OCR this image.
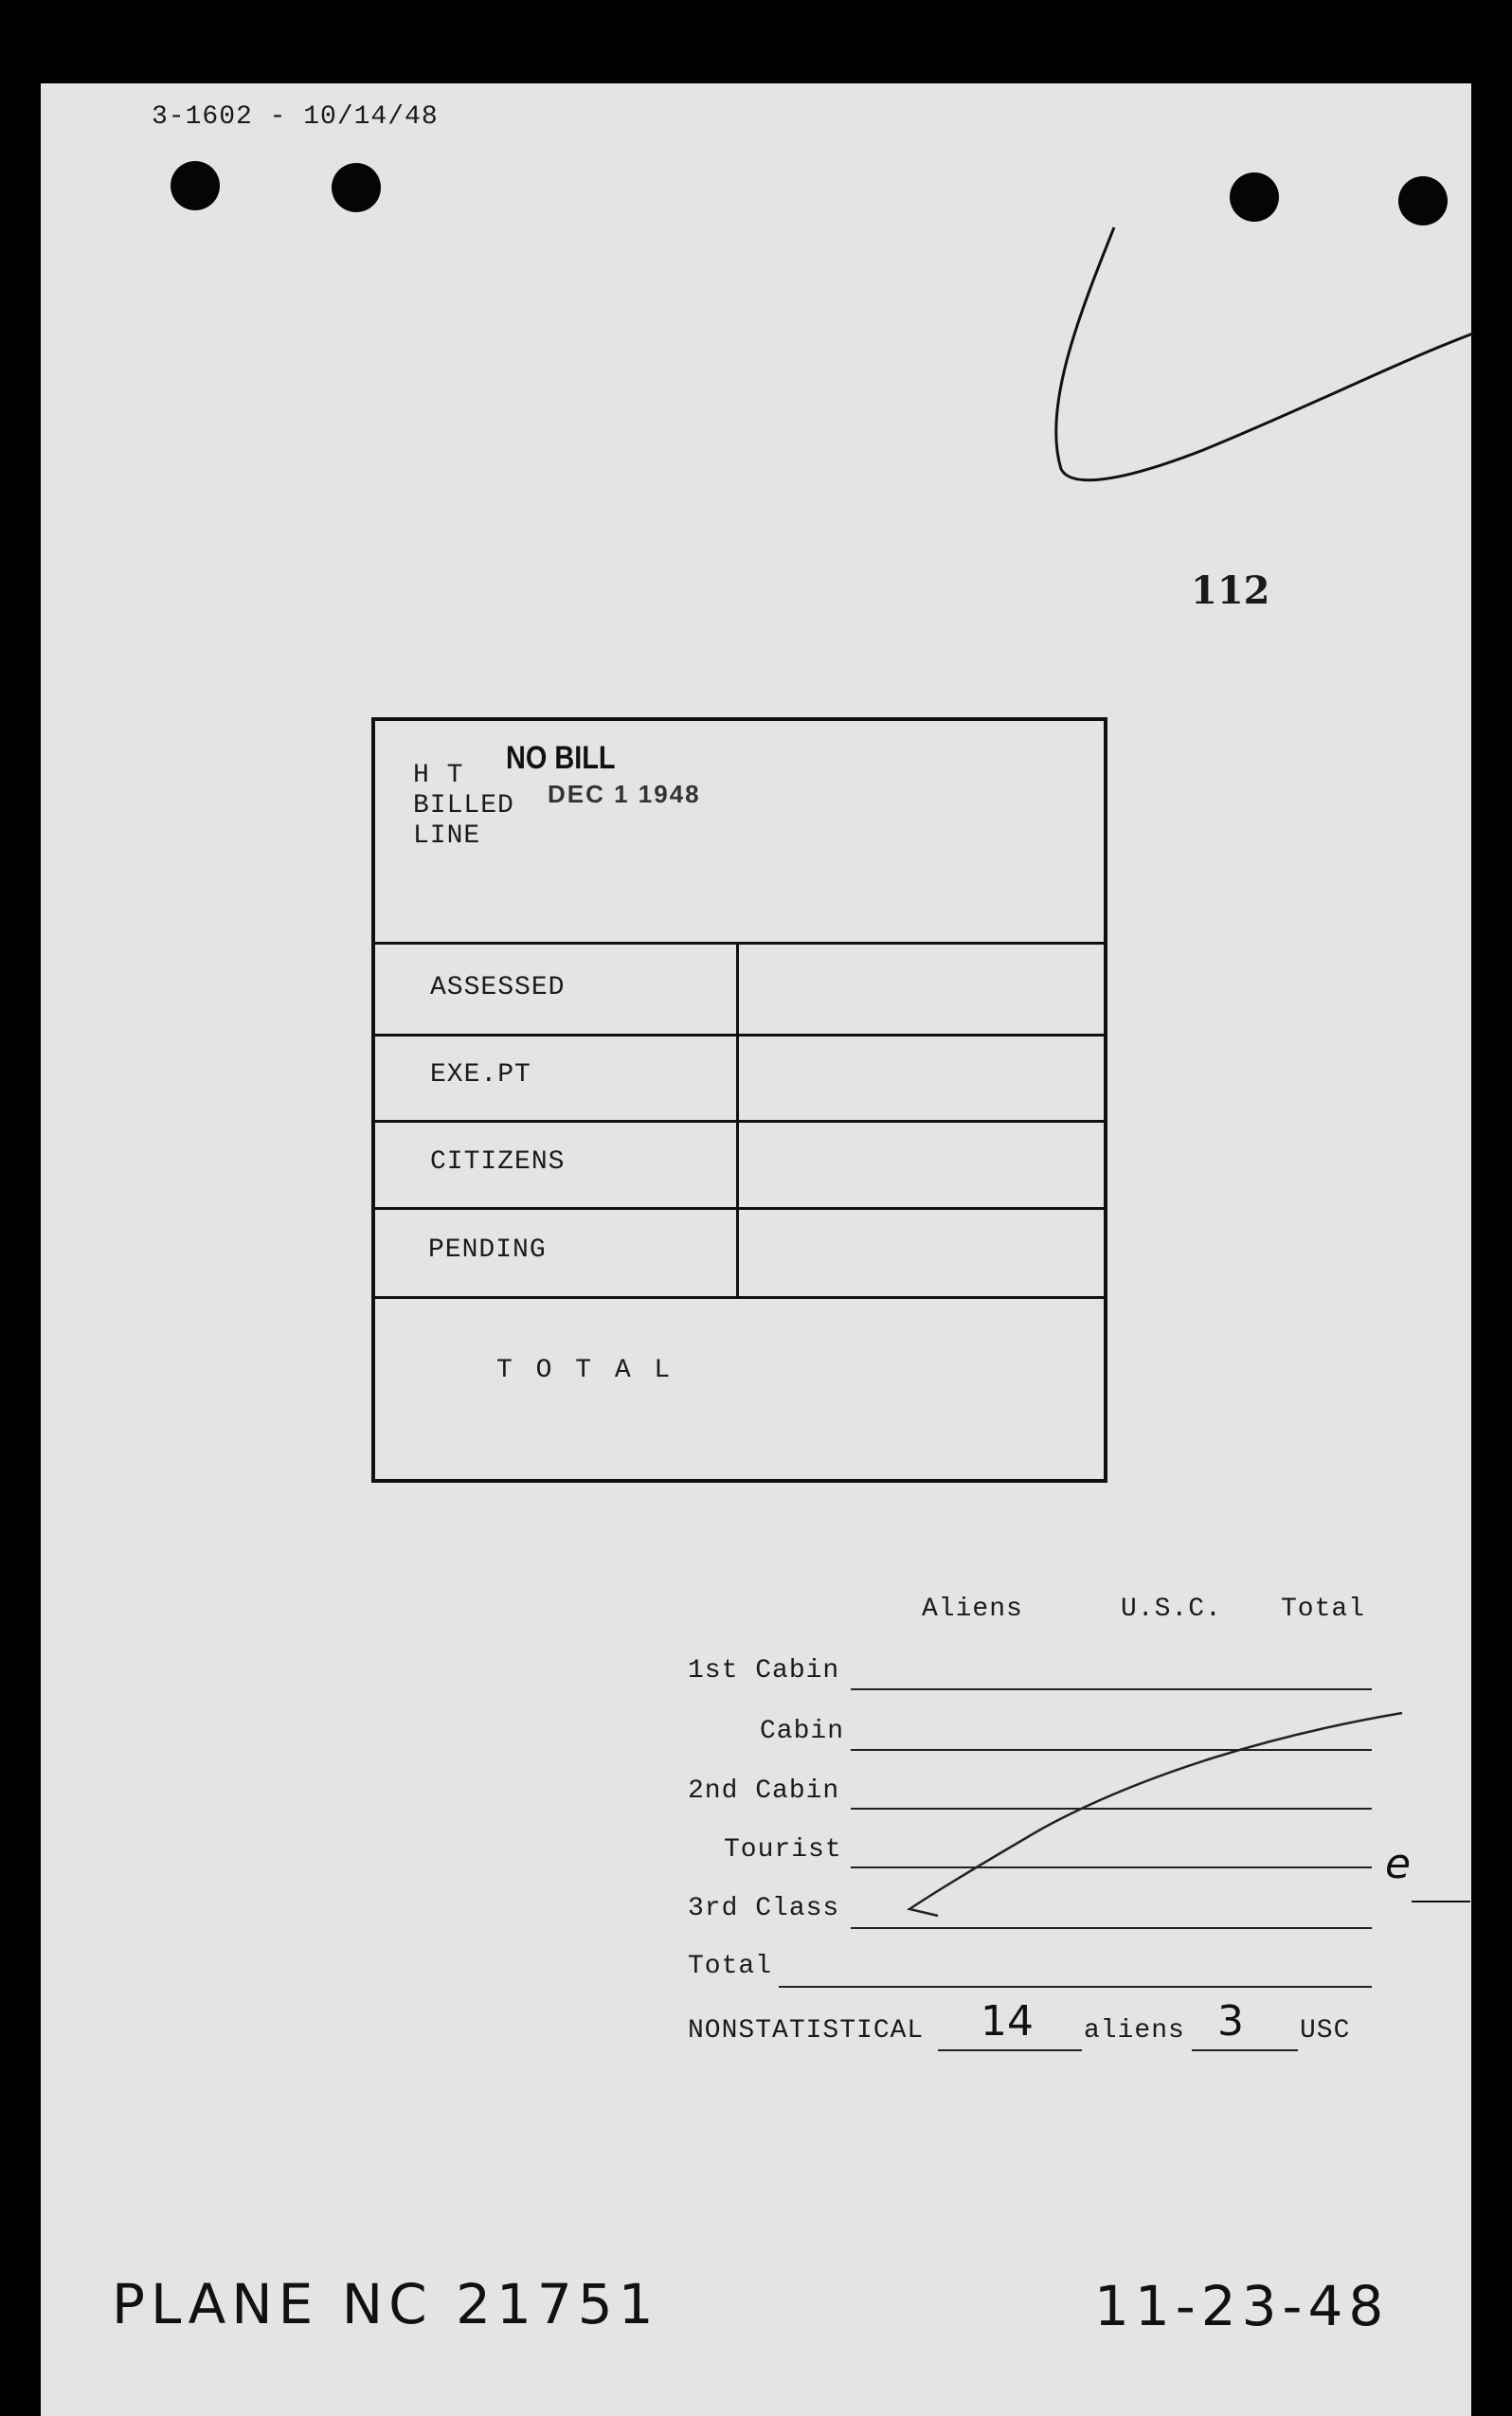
3-1602 - 10/14/48
112
H T
BILLED
LINE
NO BILL
DEC 1 1948
ASSESSED
EXE.PT
CITIZENS
PENDING
T O T A L
Aliens	U.S.C. Total
1st Cabin
Cabin
2nd Cabin
Tourist
3rd Class
Total
e
NONSTATISTICAL 14 aliens 3 USC
PLANE NC 21751	11-23-48
